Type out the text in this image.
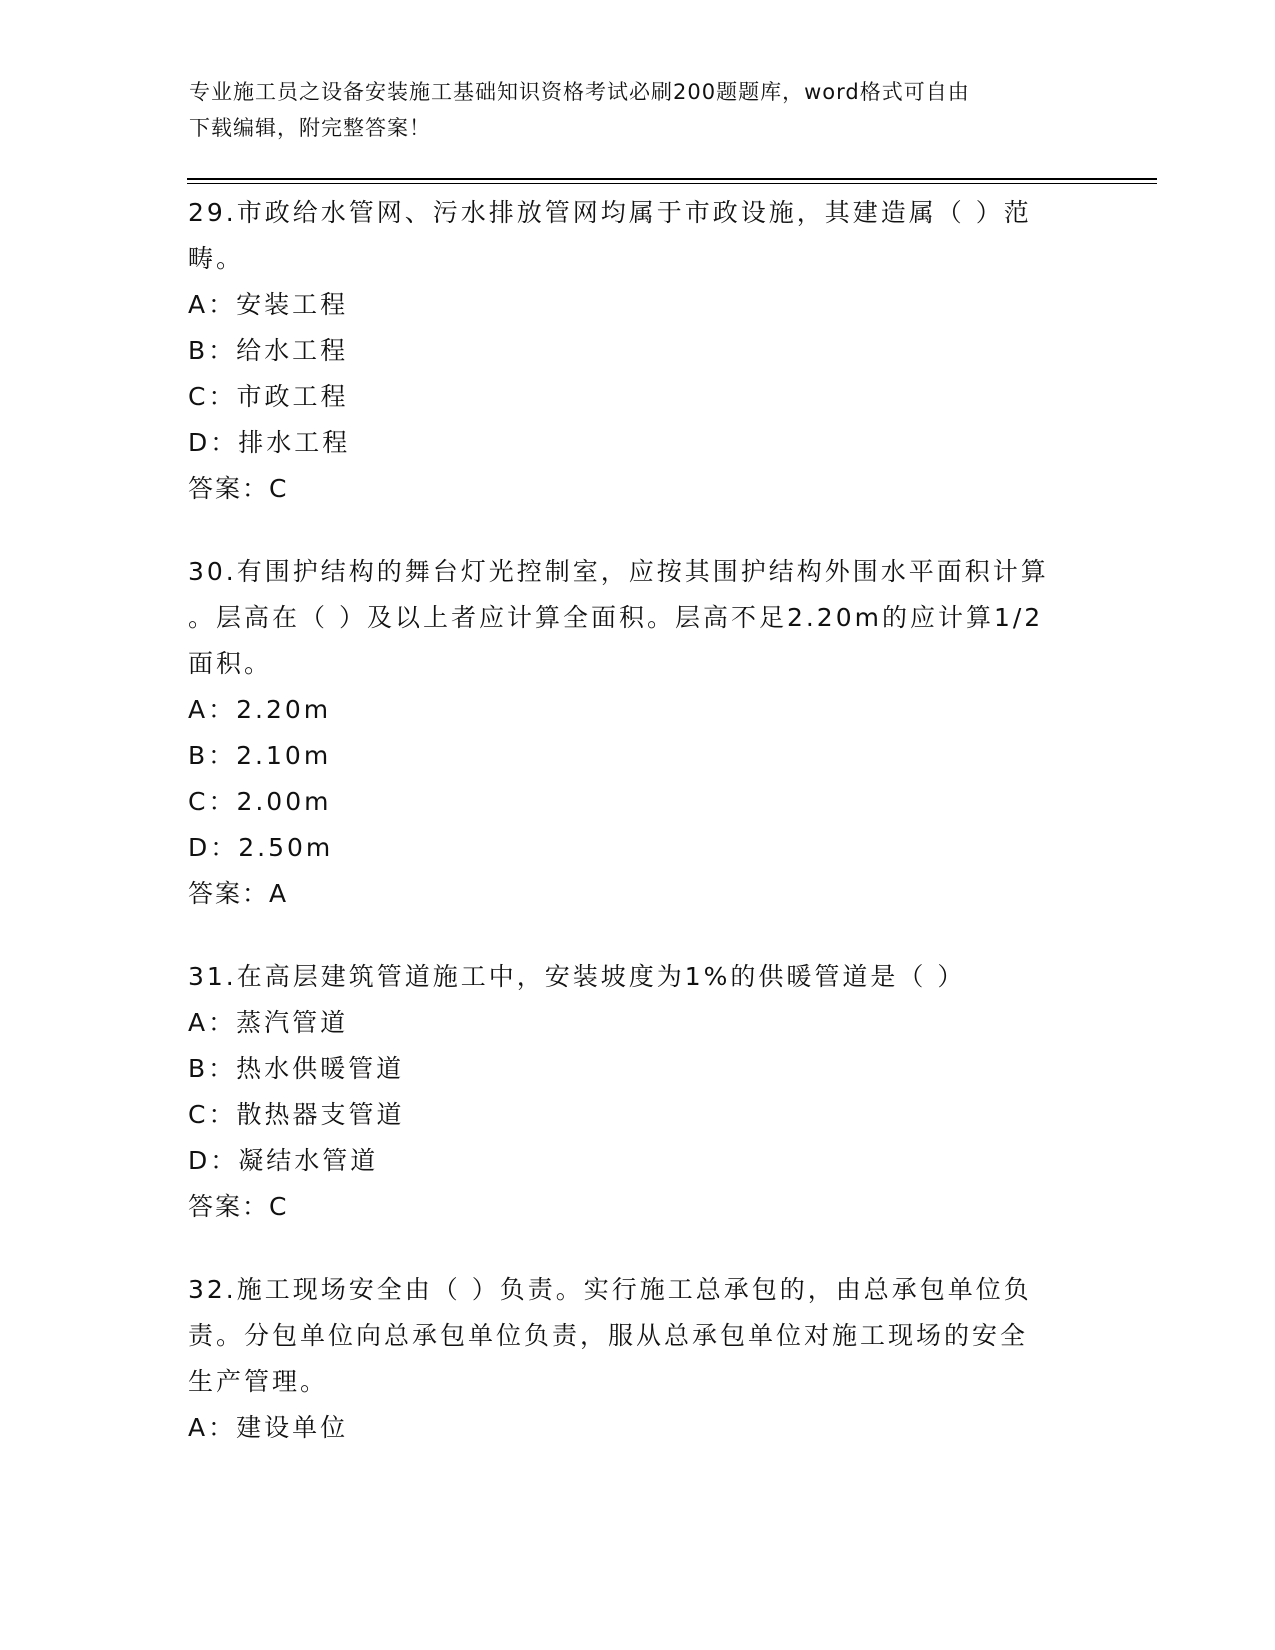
专业施工员之设备安装施工基础知识资格考试必刷200题题库，word格式可自由
下载编辑，附完整答案！
29.市政给水管网、污水排放管网均属于市政设施，其建造属（ ）范
畴。
A：安装工程
B：给水工程
C：市政工程
D：排水工程
答案：C
30.有围护结构的舞台灯光控制室，应按其围护结构外围水平面积计算
。层高在（ ）及以上者应计算全面积。层高不足2.20m的应计算1/2
面积。
A：2.20m
B：2.10m
C：2.00m
D：2.50m
答案：A
31.在高层建筑管道施工中，安装坡度为1%的供暖管道是（ ）
A：蒸汽管道
B：热水供暖管道
C：散热器支管道
D：凝结水管道
答案：C
32.施工现场安全由（ ）负责。实行施工总承包的，由总承包单位负
责。分包单位向总承包单位负责，服从总承包单位对施工现场的安全
生产管理。
A：建设单位
